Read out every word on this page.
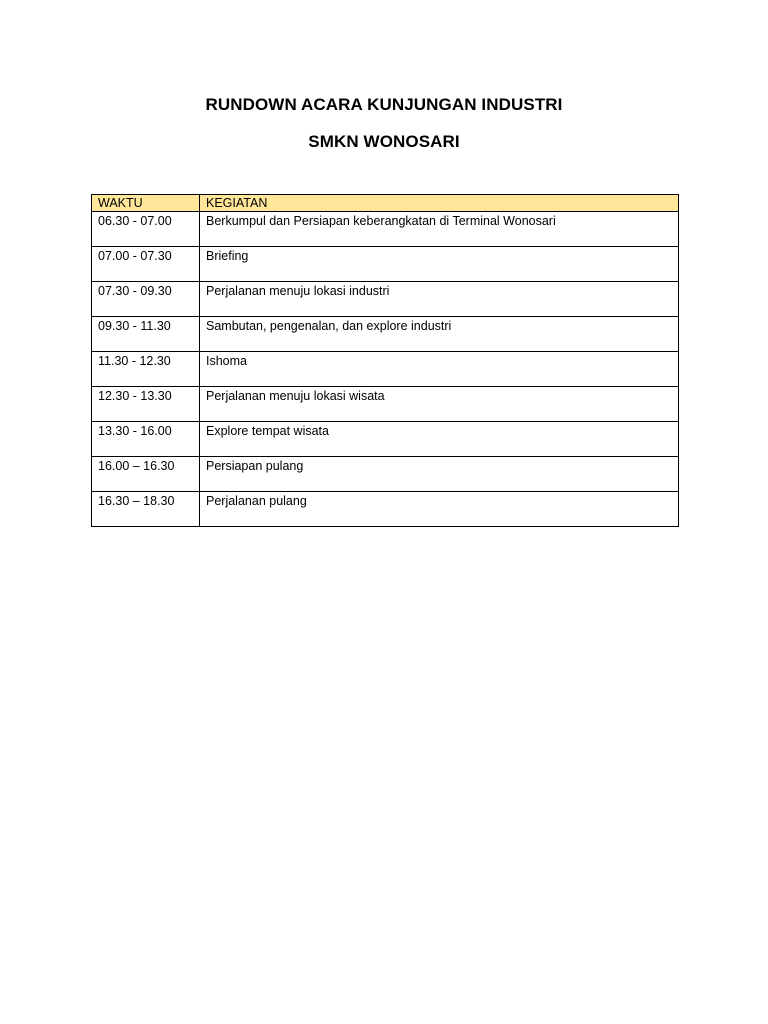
RUNDOWN ACARA KUNJUNGAN INDUSTRI
SMKN WONOSARI
WAKTU	KEGIATAN
06.30 - 07.00	Berkumpul dan Persiapan keberangkatan di Terminal Wonosari
07.00 - 07.30	Briefing
07.30 - 09.30	Perjalanan menuju lokasi industri
09.30 - 11.30	Sambutan, pengenalan, dan explore industri
11.30 - 12.30	Ishoma
12.30 - 13.30	Perjalanan menuju lokasi wisata
13.30 - 16.00	Explore tempat wisata
16.00 – 16.30	Persiapan pulang
16.30 – 18.30	Perjalanan pulang
